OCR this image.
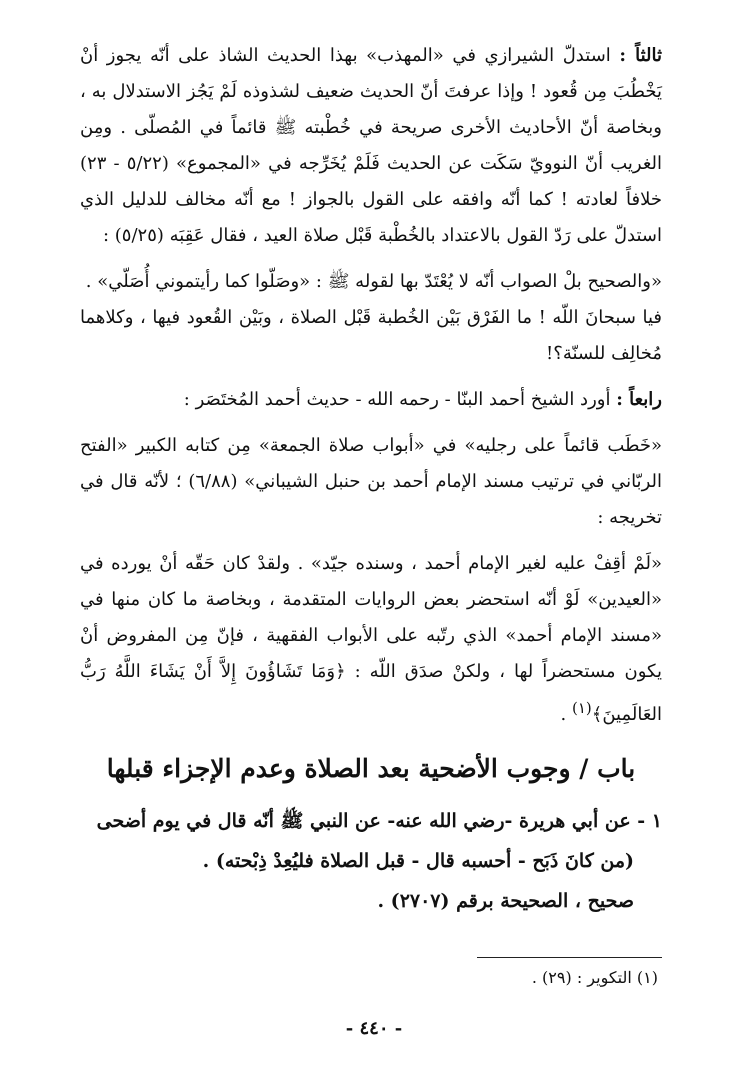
ثالثاً : استدلّ الشيرازي في «المهذب» بهذا الحديث الشاذ على أنّه يجوز أنْ يَخْطُبَ مِن قُعود ! وإذا عرفتَ أنّ الحديث ضعيف لشذوذه لَمْ يَجُز الاستدلال به ، وبخاصة أنّ الأحاديث الأخرى صريحة في خُطْبته ﷺ قائماً في المُصلّى . ومِن الغريب أنّ النوويّ سَكَت عن الحديث فَلَمْ يُخَرِّجه في «المجموع» (٥/٢٢ - ٢٣) خلافاً لعادته ! كما أنّه وافقه على القول بالجواز ! مع أنّه مخالف للدليل الذي استدلّ على رَدّ القول بالاعتداد بالخُطْبة قَبْل صلاة العيد ، فقال عَقِبَه (٥/٢٥) :

«والصحيح بلْ الصواب أنّه لا يُعْتَدّ بها لقوله ﷺ : «وصَلّوا كما رأيتموني أُصَلّي» .

فيا سبحانَ اللّه ! ما الفَرْق بَيْن الخُطبة قَبْل الصلاة ، وبَيْن القُعود فيها ، وكلاهما مُخالِف للسنّة؟!

رابعاً : أورد الشيخ أحمد البنّا - رحمه الله - حديث أحمد المُختَصَر :

«خَطَب قائماً على رجليه» في «أبواب صلاة الجمعة» مِن كتابه الكبير «الفتح الربّاني في ترتيب مسند الإمام أحمد بن حنبل الشيباني» (٦/٨٨) ؛ لأنّه قال في تخريجه :

«لَمْ أقِفْ عليه لغير الإمام أحمد ، وسنده جيّد» . ولقدْ كان حَقّه أنْ يورده في «العيدين» لَوْ أنّه استحضر بعض الروايات المتقدمة ، وبخاصة ما كان منها في «مسند الإمام أحمد» الذي رتّبه على الأبواب الفقهية ، فإنّ مِن المفروض أنْ يكون مستحضراً لها ، ولكنْ صدَق اللّه : ﴿وَمَا تَشَاؤُونَ إِلاَّ أَنْ يَشَاءَ اللَّهُ رَبُّ العَالَمِينَ﴾$^{(١)}$ .

باب / وجوب الأضحية بعد الصلاة وعدم الإجزاء قبلها

١ - عن أبي هريرة -رضي الله عنه- عن النبي ﷺ أنّه قال في يوم أضحى

(من كانَ ذَبَح - أحسبه قال - قبل الصلاة فليُعِدْ ذِبْحته) .

صحيح ، الصحيحة برقم (٢٧٠٧) .

(١) التكوير : (٢٩) .
- ٤٤٠ -
